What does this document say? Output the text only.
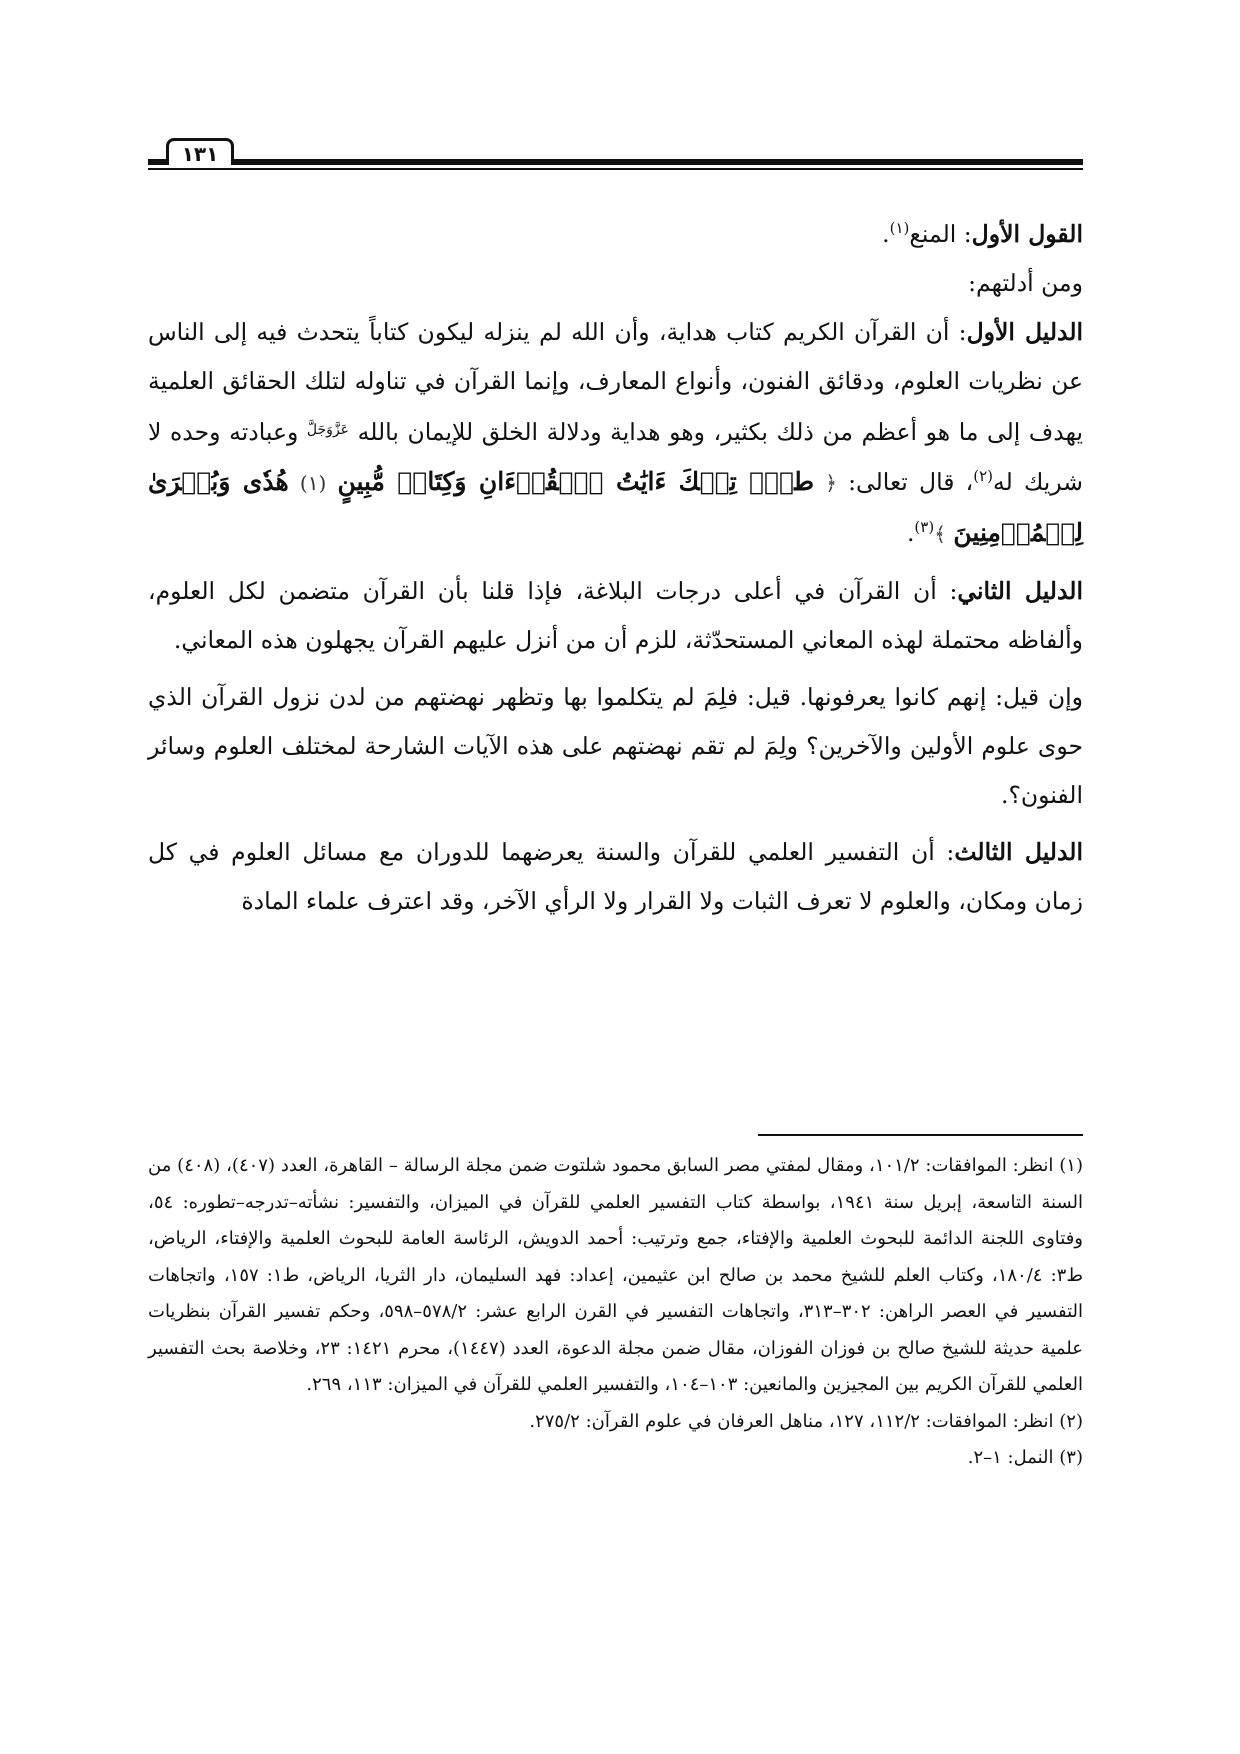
١٣١

القول الأول: المنع$^{(١)}$.

ومن أدلتهم:

الدليل الأول: أن القرآن الكريم كتاب هداية، وأن الله لم ينزله ليكون كتاباً يتحدث فيه إلى الناس عن نظريات العلوم، ودقائق الفنون، وأنواع المعارف، وإنما القرآن في تناوله لتلك الحقائق العلمية يهدف إلى ما هو أعظم من ذلك بكثير، وهو هداية ودلالة الخلق للإيمان بالله $^{عَزَّوَجَلَّ}$ وعبادته وحده لا شريك له$^{(٢)}$، قال تعالى: ﴿ طسٓۚ تِلۡكَ ءَايَٰتُ ٱلۡقُرۡءَانِ وَكِتَابٖ مُّبِينٍ (١) هُدٗى وَبُشۡرَىٰ لِلۡمُؤۡمِنِينَ ﴾$^{(٣)}$.

الدليل الثاني: أن القرآن في أعلى درجات البلاغة، فإذا قلنا بأن القرآن متضمن لكل العلوم، وألفاظه محتملة لهذه المعاني المستحدّثة، للزم أن من أنزل عليهم القرآن يجهلون هذه المعاني.

وإن قيل: إنهم كانوا يعرفونها. قيل: فلِمَ لم يتكلموا بها وتظهر نهضتهم من لدن نزول القرآن الذي حوى علوم الأولين والآخرين؟ ولِمَ لم تقم نهضتهم على هذه الآيات الشارحة لمختلف العلوم وسائر الفنون؟.

الدليل الثالث: أن التفسير العلمي للقرآن والسنة يعرضهما للدوران مع مسائل العلوم في كل زمان ومكان، والعلوم لا تعرف الثبات ولا القرار ولا الرأي الآخر، وقد اعترف علماء المادة

(١) انظر: الموافقات: ١٠١/٢، ومقال لمفتي مصر السابق محمود شلتوت ضمن مجلة الرسالة – القاهرة، العدد (٤٠٧)، (٤٠٨) من السنة التاسعة، إبريل سنة ١٩٤١، بواسطة كتاب التفسير العلمي للقرآن في الميزان، والتفسير: نشأته–تدرجه–تطوره: ٥٤، وفتاوى اللجنة الدائمة للبحوث العلمية والإفتاء، جمع وترتيب: أحمد الدويش، الرئاسة العامة للبحوث العلمية والإفتاء، الرياض، ط٣: ١٨٠/٤، وكتاب العلم للشيخ محمد بن صالح ابن عثيمين، إعداد: فهد السليمان، دار الثريا، الرياض، ط١: ١٥٧، واتجاهات التفسير في العصر الراهن: ٣٠٢–٣١٣، واتجاهات التفسير في القرن الرابع عشر: ٥٧٨/٢–٥٩٨، وحكم تفسير القرآن بنظريات علمية حديثة للشيخ صالح بن فوزان الفوزان، مقال ضمن مجلة الدعوة، العدد (١٤٤٧)، محرم ١٤٢١: ٢٣، وخلاصة بحث التفسير العلمي للقرآن الكريم بين المجيزين والمانعين: ١٠٣–١٠٤، والتفسير العلمي للقرآن في الميزان: ١١٣، ٢٦٩.

(٢) انظر: الموافقات: ١١٢/٢، ١٢٧، مناهل العرفان في علوم القرآن: ٢٧٥/٢.

(٣) النمل: ١–٢.
